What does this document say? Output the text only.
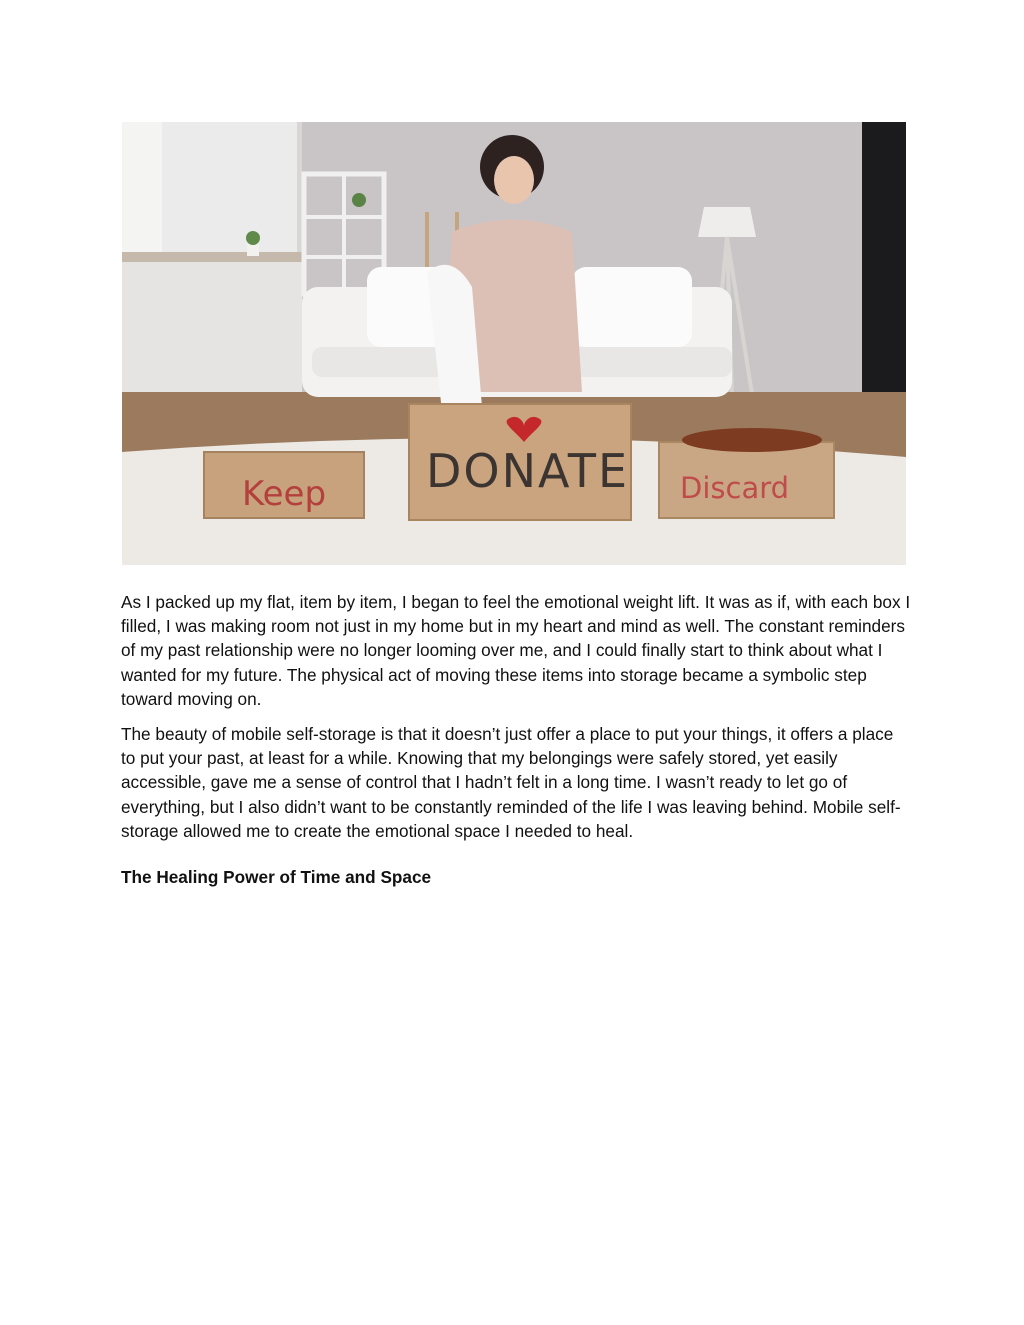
Keep DONATE Discard

As I packed up my flat, item by item, I began to feel the emotional weight lift. It was as if, with each box I filled, I was making room not just in my home but in my heart and mind as well. The constant reminders of my past relationship were no longer looming over me, and I could finally start to think about what I wanted for my future. The physical act of moving these items into storage became a symbolic step toward moving on.

The beauty of mobile self-storage is that it doesn’t just offer a place to put your things, it offers a place to put your past, at least for a while. Knowing that my belongings were safely stored, yet easily accessible, gave me a sense of control that I hadn’t felt in a long time. I wasn’t ready to let go of everything, but I also didn’t want to be constantly reminded of the life I was leaving behind. Mobile self-storage allowed me to create the emotional space I needed to heal.

The Healing Power of Time and Space
